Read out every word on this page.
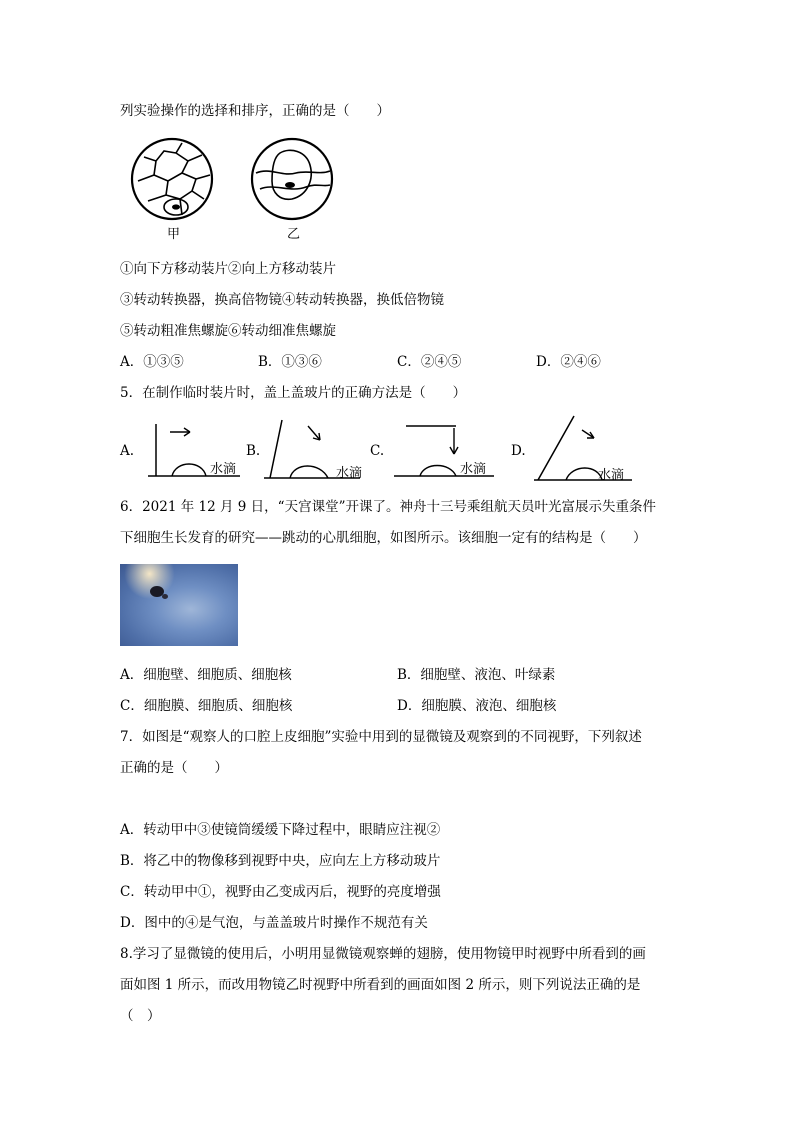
列实验操作的选择和排序，正确的是（　　）
甲	乙
①向下方移动装片②向上方移动装片
③转动转换器，换高倍物镜④转动转换器，换低倍物镜
⑤转动粗准焦螺旋⑥转动细准焦螺旋
A．①③⑤	B．①③⑥	C．②④⑤	D．②④⑥
5．在制作临时装片时，盖上盖玻片的正确方法是（　　）
A.
水滴
B.
水滴
C.
水滴
D.
水滴
6．2021 年 12 月 9 日，“天宫课堂”开课了。神舟十三号乘组航天员叶光富展示失重条件
下细胞生长发育的研究——跳动的心肌细胞，如图所示。该细胞一定有的结构是（　　）
A．细胞壁、细胞质、细胞核	B．细胞壁、液泡、叶绿素
C．细胞膜、细胞质、细胞核	D．细胞膜、液泡、细胞核
7．如图是“观察人的口腔上皮细胞”实验中用到的显微镜及观察到的不同视野，下列叙述
正确的是（　　）
A．转动甲中③使镜筒缓缓下降过程中，眼睛应注视②
B．将乙中的物像移到视野中央，应向左上方移动玻片
C．转动甲中①，视野由乙变成丙后，视野的亮度增强
D．图中的④是气泡，与盖盖玻片时操作不规范有关
8.学习了显微镜的使用后，小明用显微镜观察蝉的翅膀，使用物镜甲时视野中所看到的画
面如图 1 所示，而改用物镜乙时视野中所看到的画面如图 2 所示，则下列说法正确的是
（　）
